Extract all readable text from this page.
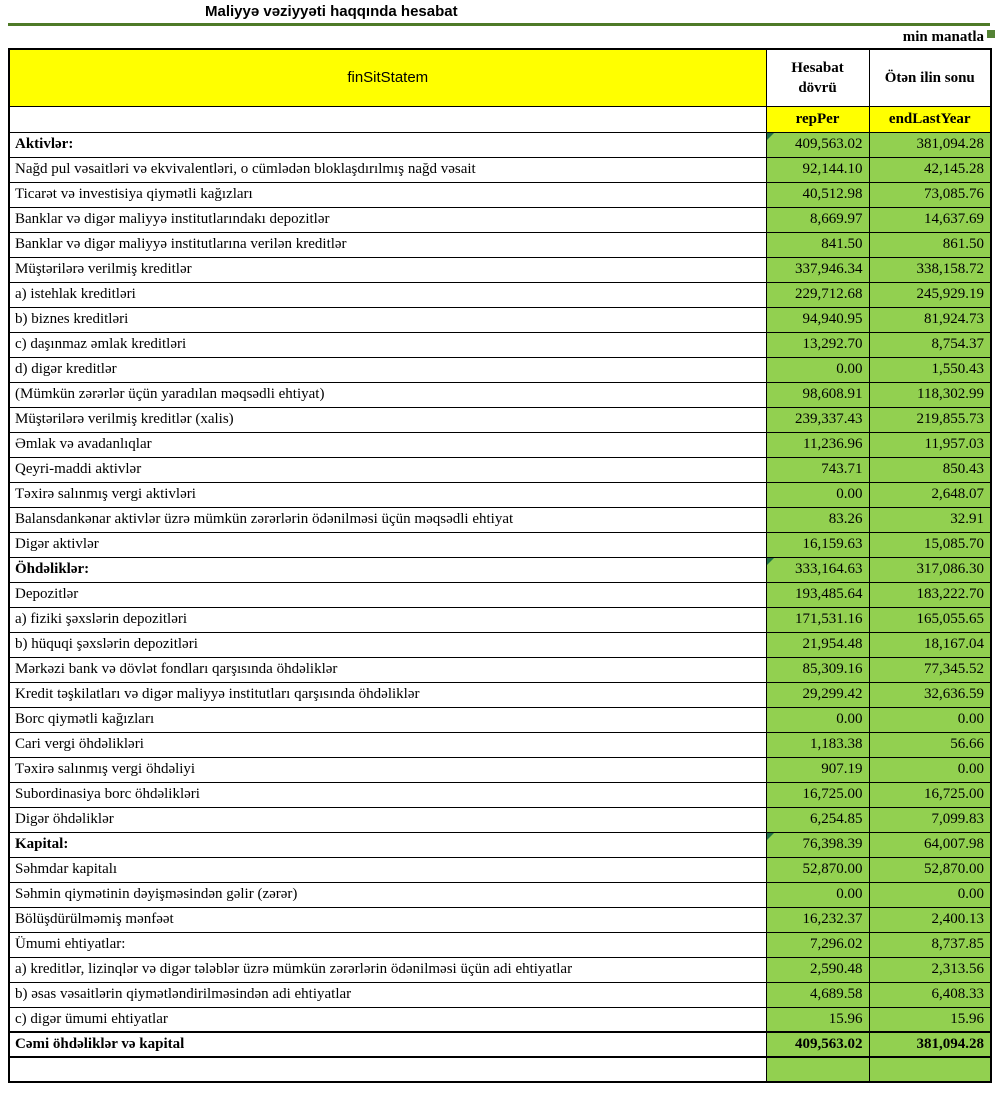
Maliyyə vəziyyəti haqqında hesabat
min manatla
finSitStatem	Hesabat dövrü	Ötən ilin sonu
	repPer	endLastYear
Aktivlər:	409,563.02	381,094.28
Nağd pul vəsaitləri və ekvivalentləri, o cümlədən bloklaşdırılmış nağd vəsait	92,144.10	42,145.28
Ticarət və investisiya qiymətli kağızları	40,512.98	73,085.76
Banklar və digər maliyyə institutlarındakı depozitlər	8,669.97	14,637.69
Banklar və digər maliyyə institutlarına verilən kreditlər	841.50	861.50
Müştərilərə verilmiş kreditlər	337,946.34	338,158.72
a) istehlak kreditləri	229,712.68	245,929.19
b) biznes kreditləri	94,940.95	81,924.73
c) daşınmaz əmlak kreditləri	13,292.70	8,754.37
d) digər kreditlər	0.00	1,550.43
(Mümkün zərərlər üçün yaradılan məqsədli ehtiyat)	98,608.91	118,302.99
Müştərilərə verilmiş kreditlər (xalis)	239,337.43	219,855.73
Əmlak və avadanlıqlar	11,236.96	11,957.03
Qeyri-maddi aktivlər	743.71	850.43
Təxirə salınmış vergi aktivləri	0.00	2,648.07
Balansdankənar aktivlər üzrə mümkün zərərlərin ödənilməsi üçün məqsədli ehtiyat	83.26	32.91
Digər aktivlər	16,159.63	15,085.70
Öhdəliklər:	333,164.63	317,086.30
Depozitlər	193,485.64	183,222.70
a) fiziki şəxslərin depozitləri	171,531.16	165,055.65
b) hüquqi şəxslərin depozitləri	21,954.48	18,167.04
Mərkəzi bank və dövlət fondları qarşısında öhdəliklər	85,309.16	77,345.52
Kredit təşkilatları və digər maliyyə institutları qarşısında öhdəliklər	29,299.42	32,636.59
Borc qiymətli kağızları	0.00	0.00
Cari vergi öhdəlikləri	1,183.38	56.66
Təxirə salınmış vergi öhdəliyi	907.19	0.00
Subordinasiya borc öhdəlikləri	16,725.00	16,725.00
Digər öhdəliklər	6,254.85	7,099.83
Kapital:	76,398.39	64,007.98
Səhmdar kapitalı	52,870.00	52,870.00
Səhmin qiymətinin dəyişməsindən gəlir (zərər)	0.00	0.00
Bölüşdürülməmiş mənfəət	16,232.37	2,400.13
Ümumi ehtiyatlar:	7,296.02	8,737.85
a) kreditlər, lizinqlər və digər tələblər üzrə mümkün zərərlərin ödənilməsi üçün adi ehtiyatlar	2,590.48	2,313.56
b) əsas vəsaitlərin qiymətləndirilməsindən adi ehtiyatlar	4,689.58	6,408.33
c) digər ümumi ehtiyatlar	15.96	15.96
Cəmi öhdəliklər və kapital	409,563.02	381,094.28
